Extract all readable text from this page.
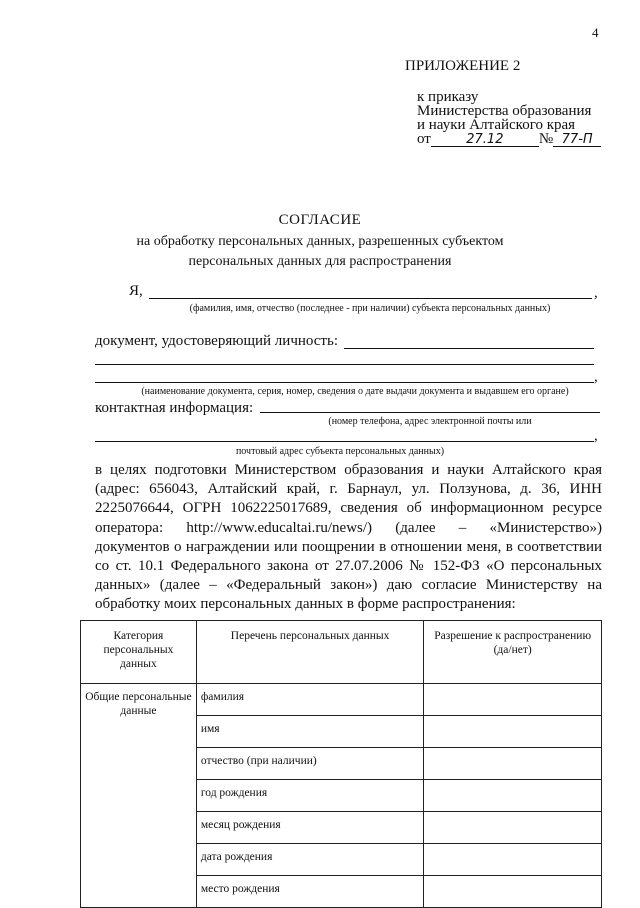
4
ПРИЛОЖЕНИЕ 2
к приказу
Министерства образования
и науки Алтайского края
от	27.12 № 77-П
СОГЛАСИЕ
на обработку персональных данных, разрешенных субъектом
персональных данных для распространения
Я,	,
(фамилия, имя, отчество (последнее - при наличии) субъекта персональных данных)
документ, удостоверяющий личность:
,
(наименование документа, серия, номер, сведения о дате выдачи документа и выдавшем его органе)
контактная информация:
(номер телефона, адрес электронной почты или
,
почтовый адрес субъекта персональных данных)
в целях подготовки Министерством образования и науки Алтайского края (адрес: 656043, Алтайский край, г. Барнаул, ул. Ползунова, д. 36, ИНН 2225076644, ОГРН 1062225017689, сведения об информационном ресурсе оператора: http://www.educaltai.ru/news/) (далее – «Министерство») документов о награждении или поощрении в отношении меня, в соответствии со ст. 10.1 Федерального закона от 27.07.2006 № 152-ФЗ «О персональных данных» (далее – «Федеральный закон») даю согласие Министерству на обработку моих персональных данных в форме распространения:
Категория персональных данных	Перечень персональных данных	Разрешение к распространению (да/нет)
Общие персональные данные	фамилия	
	имя	
	отчество (при наличии)	
	год рождения	
	месяц рождения	
	дата рождения	
	место рождения	
